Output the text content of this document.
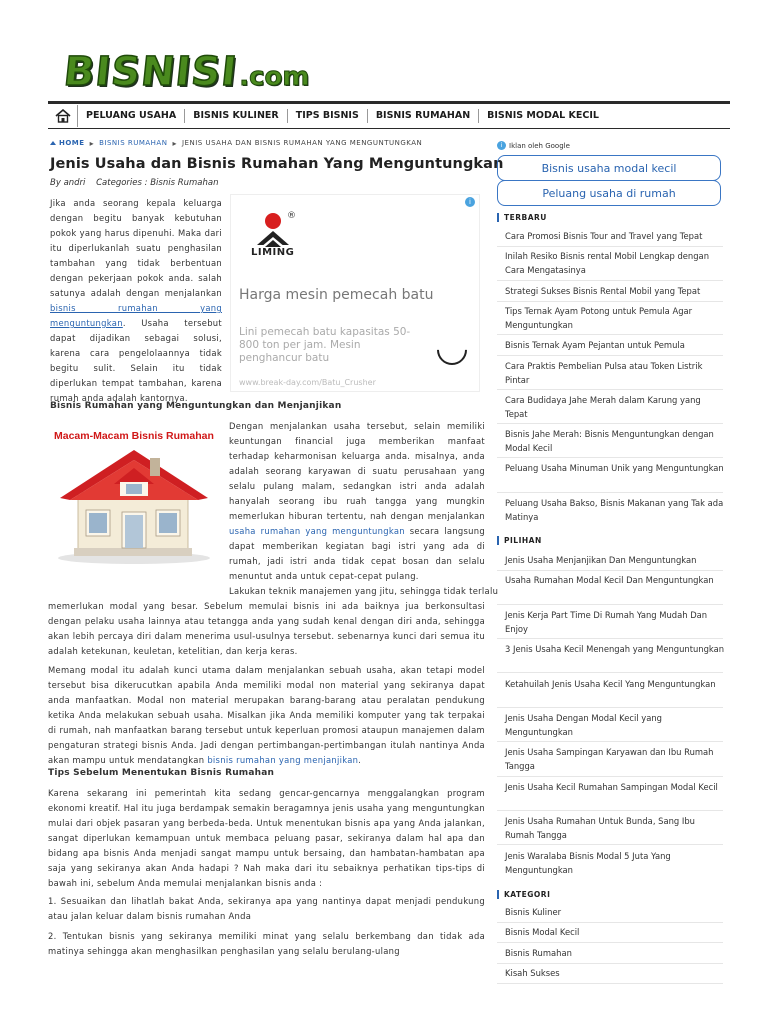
BISNISI .com
PELUANG USAHA	BISNIS KULINER	TIPS BISNIS	BISNIS RUMAHAN	BISNIS MODAL KECIL
HOME ▸ BISNIS RUMAHAN ▸ JENIS USAHA DAN BISNIS RUMAHAN YANG MENGUNTUNGKAN
Jenis Usaha dan Bisnis Rumahan Yang Menguntungkan
By andri Categories : Bisnis Rumahan
Jika anda seorang kepala keluarga dengan begitu banyak kebutuhan pokok yang harus dipenuhi. Maka dari itu diperlukanlah suatu penghasilan tambahan yang tidak berbentuan dengan pekerjaan pokok anda. salah satunya adalah dengan menjalankan bisnis rumahan yang menguntungkan. Usaha tersebut dapat dijadikan sebagai solusi, karena cara pengelolaannya tidak begitu sulit. Selain itu tidak diperlukan tempat tambahan, karena rumah anda adalah kantornya.
i
®
LIMING
Harga mesin pemecah batu
Lini pemecah batu kapasitas 50-800 ton per jam. Mesin penghancur batu
www.break-day.com/Batu_Crusher
Bisnis Rumahan yang Menguntungkan dan Menjanjikan
Macam-Macam Bisnis Rumahan
Dengan menjalankan usaha tersebut, selain memiliki keuntungan financial juga memberikan manfaat terhadap keharmonisan keluarga anda. misalnya, anda adalah seorang karyawan di suatu perusahaan yang selalu pulang malam, sedangkan istri anda adalah hanyalah seorang ibu ruah tangga yang mungkin memerlukan hiburan tertentu, nah dengan menjalankan usaha rumahan yang menguntungkan secara langsung dapat memberikan kegiatan bagi istri yang ada di rumah, jadi istri anda tidak cepat bosan dan selalu menuntut anda untuk cepat-cepat pulang.
Lakukan teknik manajemen yang jitu, sehingga tidak terlalu
memerlukan modal yang besar. Sebelum memulai bisnis ini ada baiknya jua berkonsultasi dengan pelaku usaha lainnya atau tetangga anda yang sudah kenal dengan diri anda, sehingga akan lebih percaya diri dalam menerima usul-usulnya tersebut. sebenarnya kunci dari semua itu adalah ketekunan, keuletan, ketelitian, dan kerja keras.
Memang modal itu adalah kunci utama dalam menjalankan sebuah usaha, akan tetapi model tersebut bisa dikerucutkan apabila Anda memiliki modal non material yang sekiranya dapat anda manfaatkan. Modal non material merupakan barang-barang atau peralatan pendukung ketika Anda melakukan sebuah usaha. Misalkan jika Anda memiliki komputer yang tak terpakai di rumah, nah manfaatkan barang tersebut untuk keperluan promosi ataupun manajemen dalam pengaturan strategi bisnis Anda. Jadi dengan pertimbangan-pertimbangan itulah nantinya Anda akan mampu untuk mendatangkan bisnis rumahan yang menjanjikan.
Tips Sebelum Menentukan Bisnis Rumahan
Karena sekarang ini pemerintah kita sedang gencar-gencarnya menggalangkan program ekonomi kreatif. Hal itu juga berdampak semakin beragamnya jenis usaha yang menguntungkan mulai dari objek pasaran yang berbeda-beda. Untuk menentukan bisnis apa yang Anda jalankan, sangat diperlukan kemampuan untuk membaca peluang pasar, sekiranya dalam hal apa dan bidang apa bisnis Anda menjadi sangat mampu untuk bersaing, dan hambatan-hambatan apa saja yang sekiranya akan Anda hadapi ? Nah maka dari itu sebaiknya perhatikan tips-tips di bawah ini, sebelum Anda memulai menjalankan bisnis anda :
1. Sesuaikan dan lihatlah bakat Anda, sekiranya apa yang nantinya dapat menjadi pendukung atau jalan keluar dalam bisnis rumahan Anda
2. Tentukan bisnis yang sekiranya memiliki minat yang selalu berkembang dan tidak ada matinya sehingga akan menghasilkan penghasilan yang selalu berulang-ulang
i Iklan oleh Google
Bisnis usaha modal kecil
Peluang usaha di rumah
TERBARU
Cara Promosi Bisnis Tour and Travel yang Tepat
Inilah Resiko Bisnis rental Mobil Lengkap dengan Cara Mengatasinya
Strategi Sukses Bisnis Rental Mobil yang Tepat
Tips Ternak Ayam Potong untuk Pemula Agar Menguntungkan
Bisnis Ternak Ayam Pejantan untuk Pemula
Cara Praktis Pembelian Pulsa atau Token Listrik Pintar
Cara Budidaya Jahe Merah dalam Karung yang Tepat
Bisnis Jahe Merah: Bisnis Menguntungkan dengan Modal Kecil
Peluang Usaha Minuman Unik yang Menguntungkan
Peluang Usaha Bakso, Bisnis Makanan yang Tak ada Matinya
PILIHAN
Jenis Usaha Menjanjikan Dan Menguntungkan
Usaha Rumahan Modal Kecil Dan Menguntungkan
Jenis Kerja Part Time Di Rumah Yang Mudah Dan Enjoy
3 Jenis Usaha Kecil Menengah yang Menguntungkan
Ketahuilah Jenis Usaha Kecil Yang Menguntungkan
Jenis Usaha Dengan Modal Kecil yang Menguntungkan
Jenis Usaha Sampingan Karyawan dan Ibu Rumah Tangga
Jenis Usaha Kecil Rumahan Sampingan Modal Kecil
Jenis Usaha Rumahan Untuk Bunda, Sang Ibu Rumah Tangga
Jenis Waralaba Bisnis Modal 5 Juta Yang Menguntungkan
KATEGORI
Bisnis Kuliner
Bisnis Modal Kecil
Bisnis Rumahan
Kisah Sukses
